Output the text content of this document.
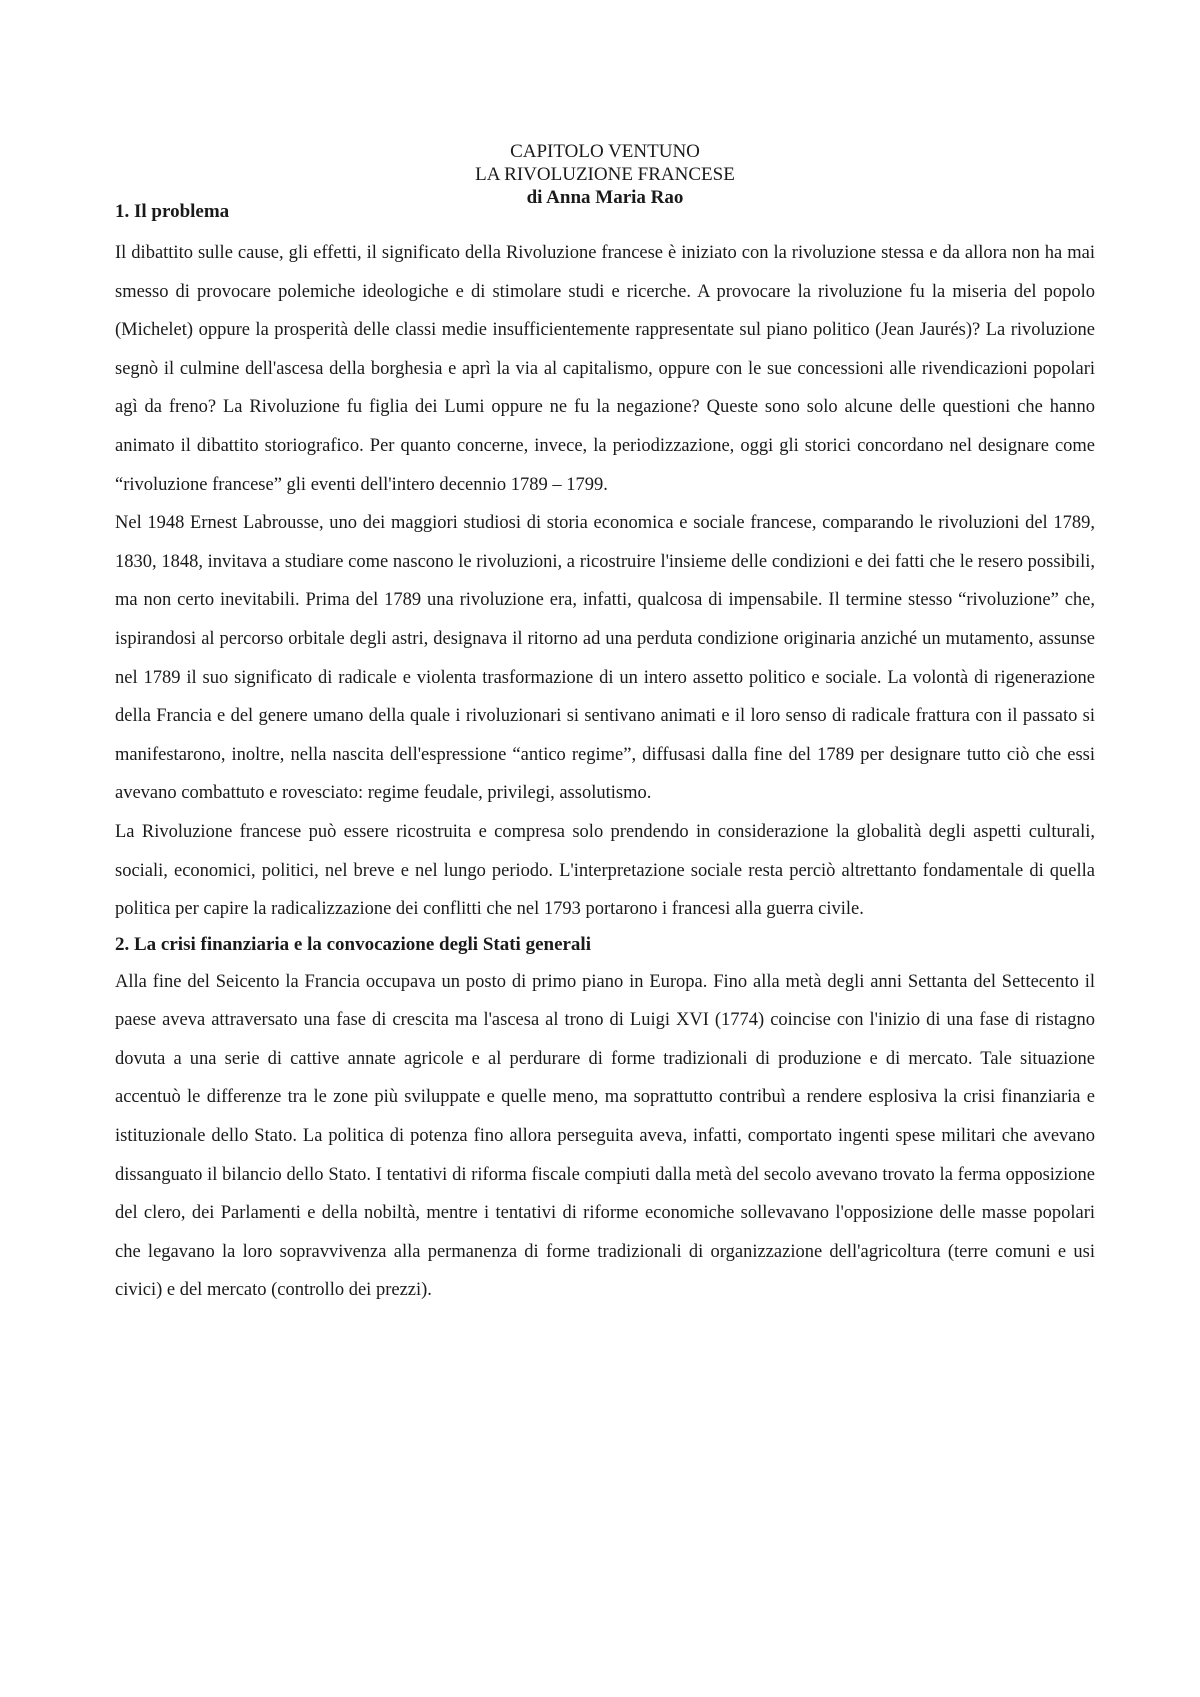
CAPITOLO VENTUNO
LA RIVOLUZIONE FRANCESE
di Anna Maria Rao
1. Il problema

Il dibattito sulle cause, gli effetti, il significato della Rivoluzione francese è iniziato con la rivoluzione stessa e da allora non ha mai smesso di provocare polemiche ideologiche e di stimolare studi e ricerche. A provocare la rivoluzione fu la miseria del popolo (Michelet) oppure la prosperità delle classi medie insufficientemente rappresentate sul piano politico (Jean Jaurés)? La rivoluzione segnò il culmine dell'ascesa della borghesia e aprì la via al capitalismo, oppure con le sue concessioni alle rivendicazioni popolari agì da freno? La Rivoluzione fu figlia dei Lumi oppure ne fu la negazione? Queste sono solo alcune delle questioni che hanno animato il dibattito storiografico. Per quanto concerne, invece, la periodizzazione, oggi gli storici concordano nel designare come “rivoluzione francese” gli eventi dell'intero decennio 1789 – 1799.

Nel 1948 Ernest Labrousse, uno dei maggiori studiosi di storia economica e sociale francese, comparando le rivoluzioni del 1789, 1830, 1848, invitava a studiare come nascono le rivoluzioni, a ricostruire l'insieme delle condizioni e dei fatti che le resero possibili, ma non certo inevitabili. Prima del 1789 una rivoluzione era, infatti, qualcosa di impensabile. Il termine stesso “rivoluzione” che, ispirandosi al percorso orbitale degli astri, designava il ritorno ad una perduta condizione originaria anziché un mutamento, assunse nel 1789 il suo significato di radicale e violenta trasformazione di un intero assetto politico e sociale. La volontà di rigenerazione della Francia e del genere umano della quale i rivoluzionari si sentivano animati e il loro senso di radicale frattura con il passato si manifestarono, inoltre, nella nascita dell'espressione “antico regime”, diffusasi dalla fine del 1789 per designare tutto ciò che essi avevano combattuto e rovesciato: regime feudale, privilegi, assolutismo.

La Rivoluzione francese può essere ricostruita e compresa solo prendendo in considerazione la globalità degli aspetti culturali, sociali, economici, politici, nel breve e nel lungo periodo. L'interpretazione sociale resta perciò altrettanto fondamentale di quella politica per capire la radicalizzazione dei conflitti che nel 1793 portarono i francesi alla guerra civile.

2. La crisi finanziaria e la convocazione degli Stati generali

Alla fine del Seicento la Francia occupava un posto di primo piano in Europa. Fino alla metà degli anni Settanta del Settecento il paese aveva attraversato una fase di crescita ma l'ascesa al trono di Luigi XVI (1774) coincise con l'inizio di una fase di ristagno dovuta a una serie di cattive annate agricole e al perdurare di forme tradizionali di produzione e di mercato. Tale situazione accentuò le differenze tra le zone più sviluppate e quelle meno, ma soprattutto contribuì a rendere esplosiva la crisi finanziaria e istituzionale dello Stato. La politica di potenza fino allora perseguita aveva, infatti, comportato ingenti spese militari che avevano dissanguato il bilancio dello Stato. I tentativi di riforma fiscale compiuti dalla metà del secolo avevano trovato la ferma opposizione del clero, dei Parlamenti e della nobiltà, mentre i tentativi di riforme economiche sollevavano l'opposizione delle masse popolari che legavano la loro sopravvivenza alla permanenza di forme tradizionali di organizzazione dell'agricoltura (terre comuni e usi civici) e del mercato (controllo dei prezzi).
